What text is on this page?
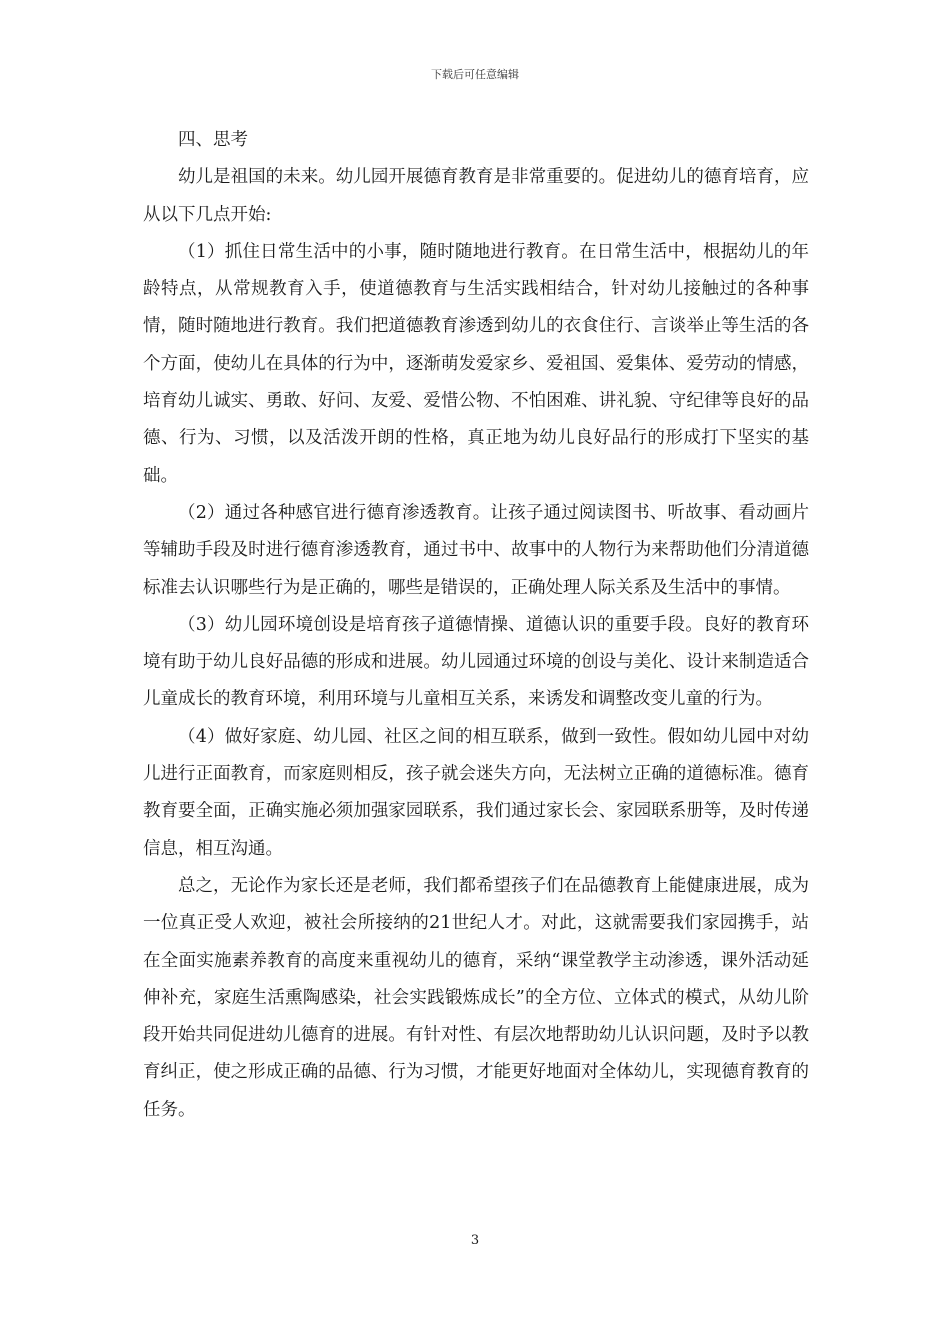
下载后可任意编辑

四、思考

幼儿是祖国的未来。幼儿园开展德育教育是非常重要的。促进幼儿的德育培育，应从以下几点开始:

（1）抓住日常生活中的小事，随时随地进行教育。在日常生活中，根据幼儿的年龄特点，从常规教育入手，使道德教育与生活实践相结合，针对幼儿接触过的各种事情，随时随地进行教育。我们把道德教育渗透到幼儿的衣食住行、言谈举止等生活的各个方面，使幼儿在具体的行为中，逐渐萌发爱家乡、爱祖国、爱集体、爱劳动的情感，培育幼儿诚实、勇敢、好问、友爱、爱惜公物、不怕困难、讲礼貌、守纪律等良好的品德、行为、习惯，以及活泼开朗的性格，真正地为幼儿良好品行的形成打下坚实的基础。

（2）通过各种感官进行德育渗透教育。让孩子通过阅读图书、听故事、看动画片等辅助手段及时进行德育渗透教育，通过书中、故事中的人物行为来帮助他们分清道德标准去认识哪些行为是正确的，哪些是错误的，正确处理人际关系及生活中的事情。

（3）幼儿园环境创设是培育孩子道德情操、道德认识的重要手段。良好的教育环境有助于幼儿良好品德的形成和进展。幼儿园通过环境的创设与美化、设计来制造适合儿童成长的教育环境，利用环境与儿童相互关系，来诱发和调整改变儿童的行为。

（4）做好家庭、幼儿园、社区之间的相互联系，做到一致性。假如幼儿园中对幼儿进行正面教育，而家庭则相反，孩子就会迷失方向，无法树立正确的道德标准。德育教育要全面，正确实施必须加强家园联系，我们通过家长会、家园联系册等，及时传递信息，相互沟通。

总之，无论作为家长还是老师，我们都希望孩子们在品德教育上能健康进展，成为一位真正受人欢迎，被社会所接纳的21世纪人才。对此，这就需要我们家园携手，站在全面实施素养教育的高度来重视幼儿的德育，采纳“课堂教学主动渗透，课外活动延伸补充，家庭生活熏陶感染，社会实践锻炼成长”的全方位、立体式的模式，从幼儿阶段开始共同促进幼儿德育的进展。有针对性、有层次地帮助幼儿认识问题，及时予以教育纠正，使之形成正确的品德、行为习惯，才能更好地面对全体幼儿，实现德育教育的任务。

3
